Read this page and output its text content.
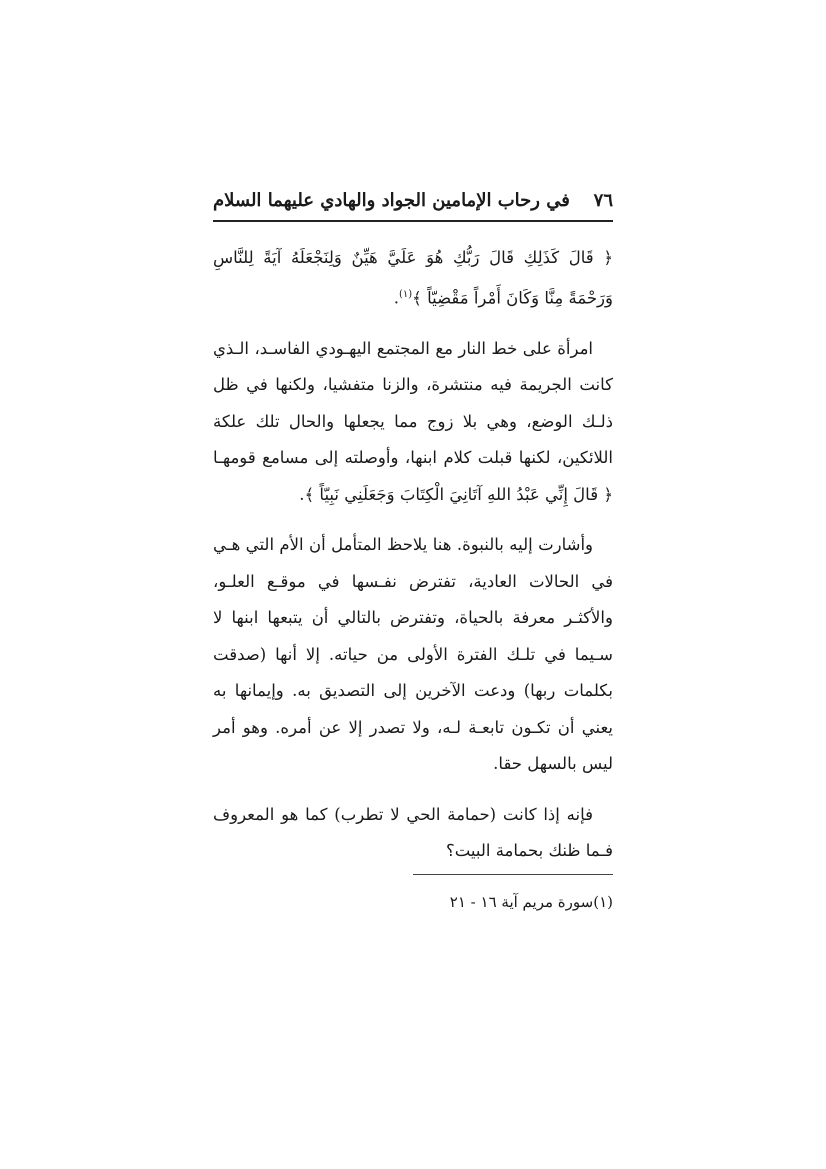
٧٦
في رحاب الإمامين الجواد والهادي عليهما السلام

﴿ قَالَ كَذَلِكِ قَالَ رَبُّكِ هُوَ عَلَيَّ هَيِّنٌ وَلِنَجْعَلَهُ آيَةً لِلنَّاسِ وَرَحْمَةً مِنَّا وَكَانَ أَمْراً مَقْضِيّاً ﴾$^{(١)}$.

امرأة على خط النار مع المجتمع اليهـودي الفاسـد، الـذي كانت الجريمة فيه منتشرة، والزنا متفشيا، ولكنها في ظل ذلـك الوضع، وهي بلا زوج مما يجعلها والحال تلك علكة اللائكين، لكنها قبلت كلام ابنها، وأوصلته إلى مسامع قومهـا ﴿ قَالَ إِنِّي عَبْدُ اللهِ آتَانِيَ الْكِتَابَ وَجَعَلَنِي نَبِيّاً ﴾.

وأشارت إليه بالنبوة. هنا يلاحظ المتأمل أن الأم التي هـي في الحالات العادية، تفترض نفـسها في موقـع العلـو، والأكثـر معرفة بالحياة، وتفترض بالتالي أن يتبعها ابنها لا سـيما في تلـك الفترة الأولى من حياته. إلا أنها (صدقت بكلمات ربها) ودعت الآخرين إلى التصديق به. وإيمانها به يعني أن تكـون تابعـة لـه، ولا تصدر إلا عن أمره. وهو أمر ليس بالسهل حقا.

فإنه إذا كانت (حمامة الحي لا تطرب) كما هو المعروف فـما ظنك بحمامة البيت؟

(١)سورة مريم آية ١٦ - ٢١
